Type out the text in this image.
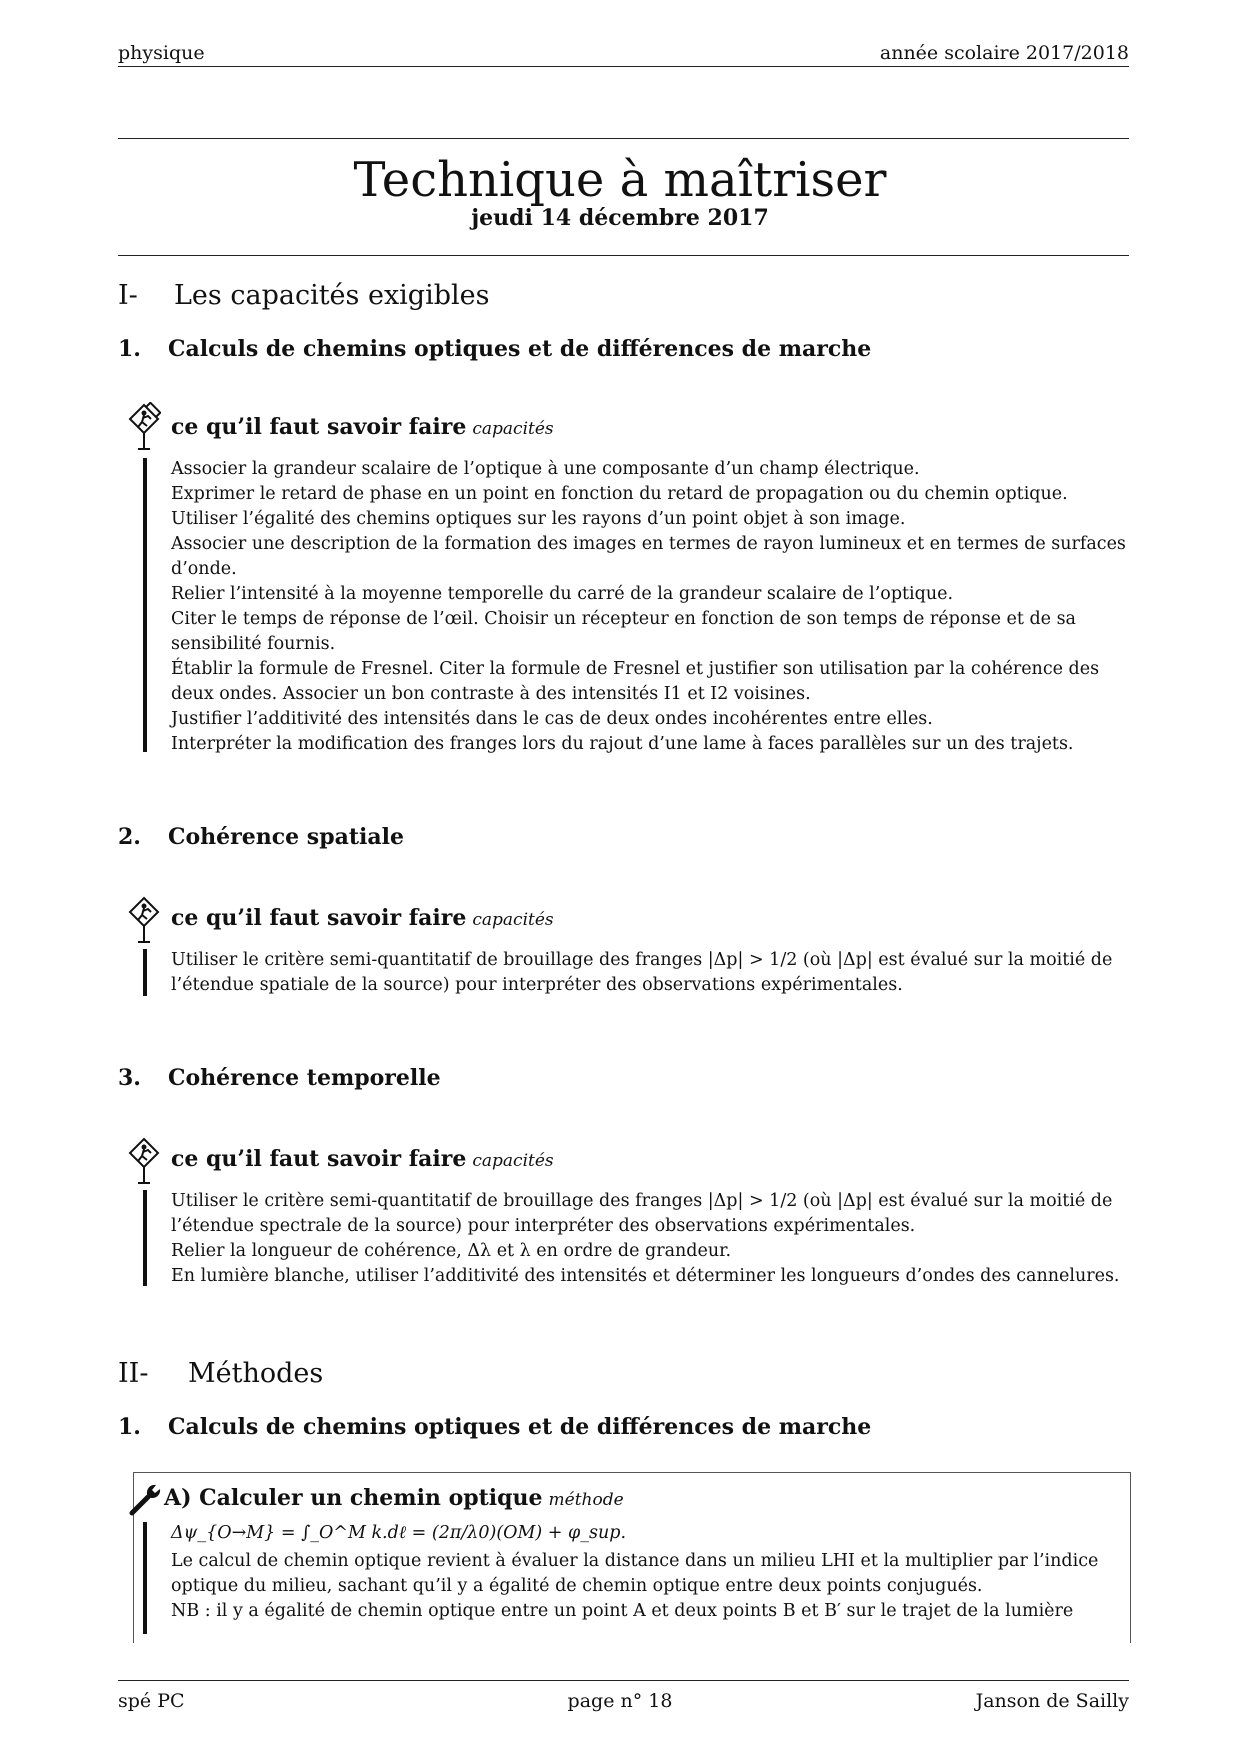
physique	année scolaire 2017/2018
Technique à maîtriser
jeudi 14 décembre 2017
I- Les capacités exigibles
1. Calculs de chemins optiques et de différences de marche
ce qu’il faut savoir faire capacités

Associer la grandeur scalaire de l’optique à une composante d’un champ électrique.

Exprimer le retard de phase en un point en fonction du retard de propagation ou du chemin optique.

Utiliser l’égalité des chemins optiques sur les rayons d’un point objet à son image.

Associer une description de la formation des images en termes de rayon lumineux et en termes de surfaces d’onde.

Relier l’intensité à la moyenne temporelle du carré de la grandeur scalaire de l’optique.

Citer le temps de réponse de l’œil. Choisir un récepteur en fonction de son temps de réponse et de sa sensibilité fournis.

Établir la formule de Fresnel. Citer la formule de Fresnel et justifier son utilisation par la cohérence des deux ondes. Associer un bon contraste à des intensités I1 et I2 voisines.

Justifier l’additivité des intensités dans le cas de deux ondes incohérentes entre elles.

Interpréter la modification des franges lors du rajout d’une lame à faces parallèles sur un des trajets.

2. Cohérence spatiale
ce qu’il faut savoir faire capacités

Utiliser le critère semi-quantitatif de brouillage des franges |Δp| > 1/2 (où |Δp| est évalué sur la moitié de l’étendue spatiale de la source) pour interpréter des observations expérimentales.

3. Cohérence temporelle
ce qu’il faut savoir faire capacités

Utiliser le critère semi-quantitatif de brouillage des franges |Δp| > 1/2 (où |Δp| est évalué sur la moitié de l’étendue spectrale de la source) pour interpréter des observations expérimentales.

Relier la longueur de cohérence, Δλ et λ en ordre de grandeur.

En lumière blanche, utiliser l’additivité des intensités et déterminer les longueurs d’ondes des cannelures.

II- Méthodes
1. Calculs de chemins optiques et de différences de marche
A) Calculer un chemin optique méthode
Δψ_{O→M} = ∫_O^M k.dℓ = (2π/λ0)(OM) + φ_sup.

Le calcul de chemin optique revient à évaluer la distance dans un milieu LHI et la multiplier par l’indice optique du milieu, sachant qu’il y a égalité de chemin optique entre deux points conjugués.

NB : il y a égalité de chemin optique entre un point A et deux points B et B′ sur le trajet de la lumière

spé PC	page n° 18	Janson de Sailly
